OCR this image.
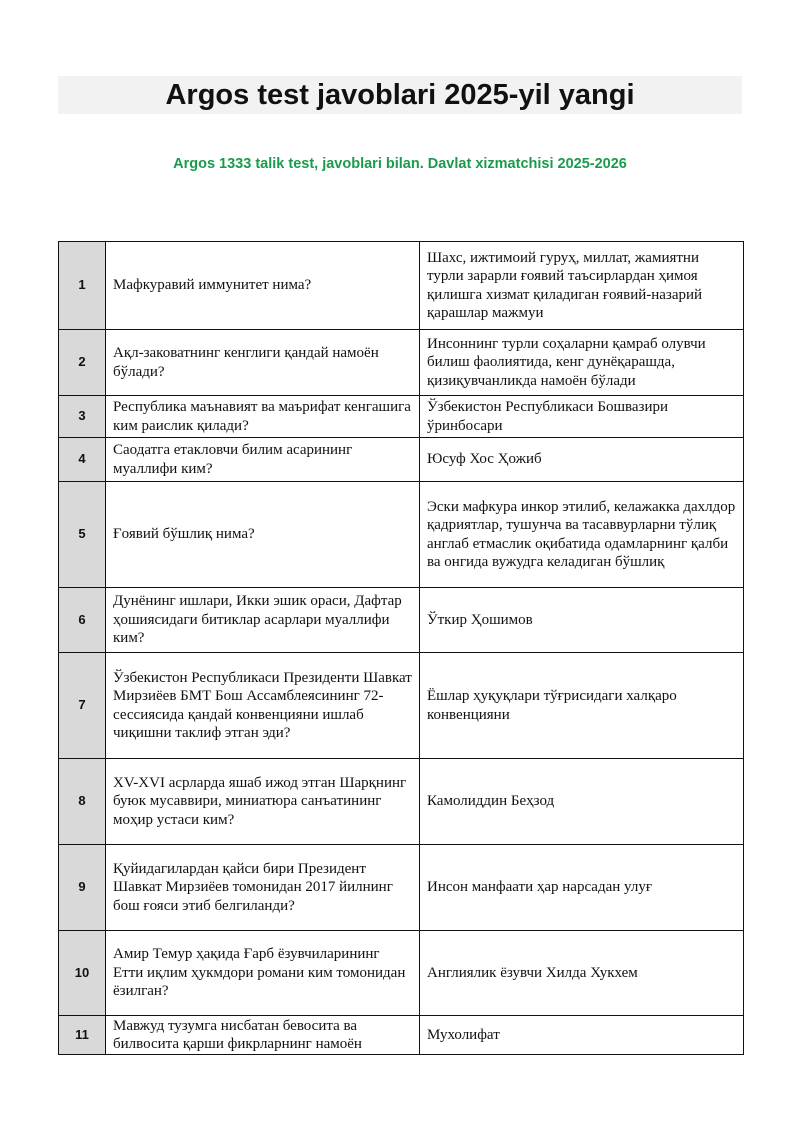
Argos test javoblari 2025-yil yangi
Argos 1333 talik test, javoblari bilan. Davlat xizmatchisi 2025-2026
1	Мафкуравий иммунитет нима?	Шахс, ижтимоий гуруҳ, миллат, жамиятни турли зарарли ғоявий таъсирлардан ҳимоя қилишга хизмат қиладиган ғоявий-назарий қарашлар мажмуи
2	Ақл-заковатнинг кенглиги қандай намоён бўлади?	Инсоннинг турли соҳаларни қамраб олувчи билиш фаолиятида, кенг дунёқарашда, қизиқувчанликда намоён бўлади
3	Республика маънавият ва маърифат кенгашига ким раислик қилади?	Ўзбекистон Республикаси Бошвазири ўринбосари
4	Саодатга етакловчи билим асарининг муаллифи ким?	Юсуф Хос Ҳожиб
5	Ғоявий бўшлиқ нима?	Эски мафкура инкор этилиб, келажакка дахлдор қадриятлар, тушунча ва тасаввурларни тўлиқ англаб етмаслик оқибатида одамларнинг қалби ва онгида вужудга келадиган бўшлиқ
6	Дунёнинг ишлари, Икки эшик ораси, Дафтар ҳошиясидаги битиклар асарлари муаллифи ким?	Ўткир Ҳошимов
7	Ўзбекистон Республикаси Президенти Шавкат Мирзиёев БМТ Бош Ассамблеясининг 72-сессиясида қандай конвенцияни ишлаб чиқишни таклиф этган эди?	Ёшлар ҳуқуқлари тўғрисидаги халқаро конвенцияни
8	XV-XVI асрларда яшаб ижод этган Шарқнинг буюк мусаввири, миниатюра санъатининг моҳир устаси ким?	Камолиддин Беҳзод
9	Қуйидагилардан қайси бири Президент Шавкат Мирзиёев томонидан 2017 йилнинг бош ғояси этиб белгиланди?	Инсон манфаати ҳар нарсадан улуғ
10	Амир Темур ҳақида Ғарб ёзувчиларининг Етти иқлим ҳукмдори романи ким томонидан ёзилган?	Англиялик ёзувчи Хилда Хукхем
11	Мавжуд тузумга нисбатан бевосита ва билвосита қарши фикрларнинг намоён	Мухолифат
